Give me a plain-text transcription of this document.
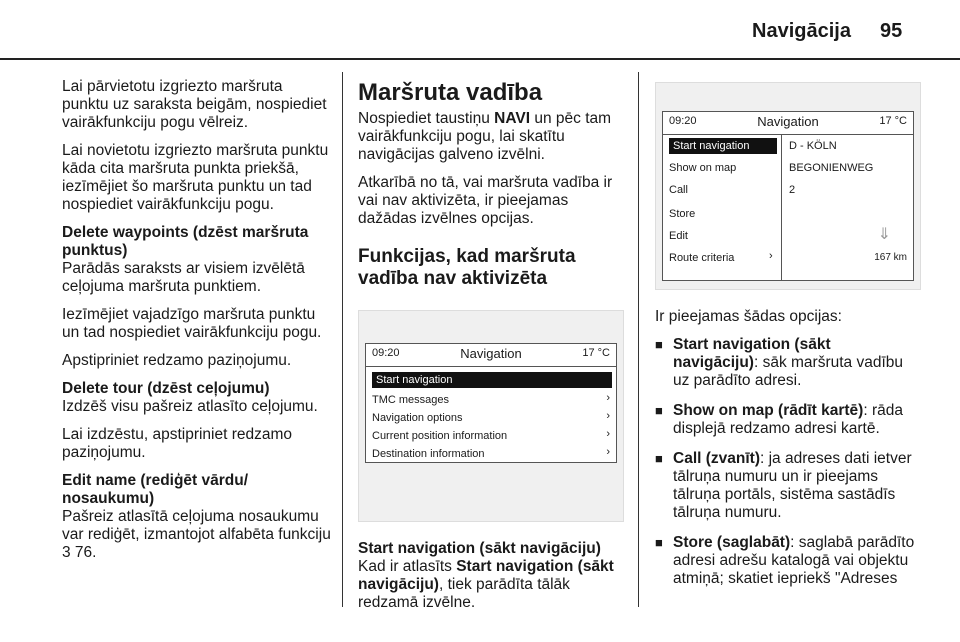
Navigācija 95

Lai pārvietotu izgriezto maršruta punktu uz saraksta beigām, nospiediet vairākfunkciju pogu vēlreiz.

Lai novietotu izgriezto maršruta punktu kāda cita maršruta punkta priekšā, iezīmējiet šo maršruta punktu un tad nospiediet vairākfunkciju pogu.

Delete waypoints (dzēst maršruta punktus)

Parādās saraksts ar visiem izvēlētā ceļojuma maršruta punktiem.

Iezīmējiet vajadzīgo maršruta punktu un tad nospiediet vairākfunkciju pogu.

Apstipriniet redzamo paziņojumu.

Delete tour (dzēst ceļojumu)

Izdzēš visu pašreiz atlasīto ceļojumu.

Lai izdzēstu, apstipriniet redzamo paziņojumu.

Edit name (rediģēt vārdu/ nosaukumu)

Pašreiz atlasītā ceļojuma nosaukumu var rediģēt, izmantojot alfabēta funkciju 3 76.

Maršruta vadība

Nospiediet taustiņu NAVI un pēc tam vairākfunkciju pogu, lai skatītu navigācijas galveno izvēlni.

Atkarībā no tā, vai maršruta vadība ir vai nav aktivizēta, ir pieejamas dažādas izvēlnes opcijas.

Funkcijas, kad maršruta vadība nav aktivizēta
09:20	Navigation	17 °C
Start navigation
TMC messages	›
Navigation options	›
Current position information	›
Destination information	›
Start navigation (sākt navigāciju)

Kad ir atlasīts Start navigation (sākt navigāciju), tiek parādīta tālāk redzamā izvēlne.

09:20	Navigation	17 °C
Start navigation
Show on map
Call
Store
Edit
Route criteria	›
D - KÖLN
BEGONIENWEG
2
⇓
167 km

Ir pieejamas šādas opcijas:

■ Start navigation (sākt navigāciju): sāk maršruta vadību uz parādīto adresi.
■ Show on map (rādīt kartē): rāda displejā redzamo adresi kartē.
■ Call (zvanīt): ja adreses dati ietver tālruņa numuru un ir pieejams tālruņa portāls, sistēma sastādīs tālruņa numuru.
■ Store (saglabāt): saglabā parādīto adresi adrešu katalogā vai objektu atmiņā; skatiet iepriekš "Adreses
